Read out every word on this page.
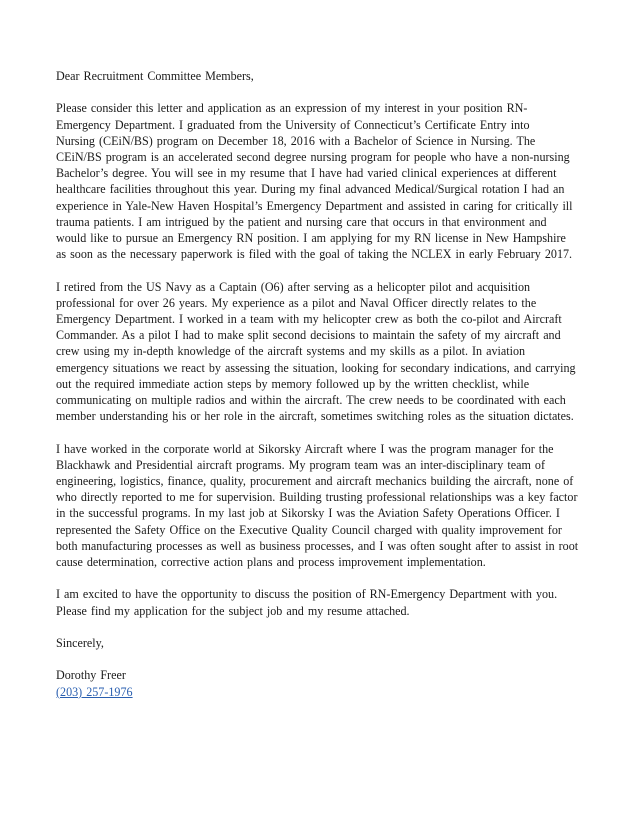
Dear Recruitment Committee Members,

Please consider this letter and application as an expression of my interest in your position RN-
Emergency Department. I graduated from the University of Connecticut’s Certificate Entry into
Nursing (CEiN/BS) program on December 18, 2016 with a Bachelor of Science in Nursing. The
CEiN/BS program is an accelerated second degree nursing program for people who have a non-nursing
Bachelor’s degree. You will see in my resume that I have had varied clinical experiences at different
healthcare facilities throughout this year. During my final advanced Medical/Surgical rotation I had an
experience in Yale-New Haven Hospital’s Emergency Department and assisted in caring for critically ill
trauma patients. I am intrigued by the patient and nursing care that occurs in that environment and
would like to pursue an Emergency RN position. I am applying for my RN license in New Hampshire
as soon as the necessary paperwork is filed with the goal of taking the NCLEX in early February 2017.

I retired from the US Navy as a Captain (O6) after serving as a helicopter pilot and acquisition
professional for over 26 years. My experience as a pilot and Naval Officer directly relates to the
Emergency Department. I worked in a team with my helicopter crew as both the co-pilot and Aircraft
Commander. As a pilot I had to make split second decisions to maintain the safety of my aircraft and
crew using my in-depth knowledge of the aircraft systems and my skills as a pilot. In aviation
emergency situations we react by assessing the situation, looking for secondary indications, and carrying
out the required immediate action steps by memory followed up by the written checklist, while
communicating on multiple radios and within the aircraft. The crew needs to be coordinated with each
member understanding his or her role in the aircraft, sometimes switching roles as the situation dictates.

I have worked in the corporate world at Sikorsky Aircraft where I was the program manager for the
Blackhawk and Presidential aircraft programs. My program team was an inter-disciplinary team of
engineering, logistics, finance, quality, procurement and aircraft mechanics building the aircraft, none of
who directly reported to me for supervision. Building trusting professional relationships was a key factor
in the successful programs. In my last job at Sikorsky I was the Aviation Safety Operations Officer. I
represented the Safety Office on the Executive Quality Council charged with quality improvement for
both manufacturing processes as well as business processes, and I was often sought after to assist in root
cause determination, corrective action plans and process improvement implementation.

I am excited to have the opportunity to discuss the position of RN-Emergency Department with you.
Please find my application for the subject job and my resume attached.

Sincerely,

Dorothy Freer

(203) 257-1976
